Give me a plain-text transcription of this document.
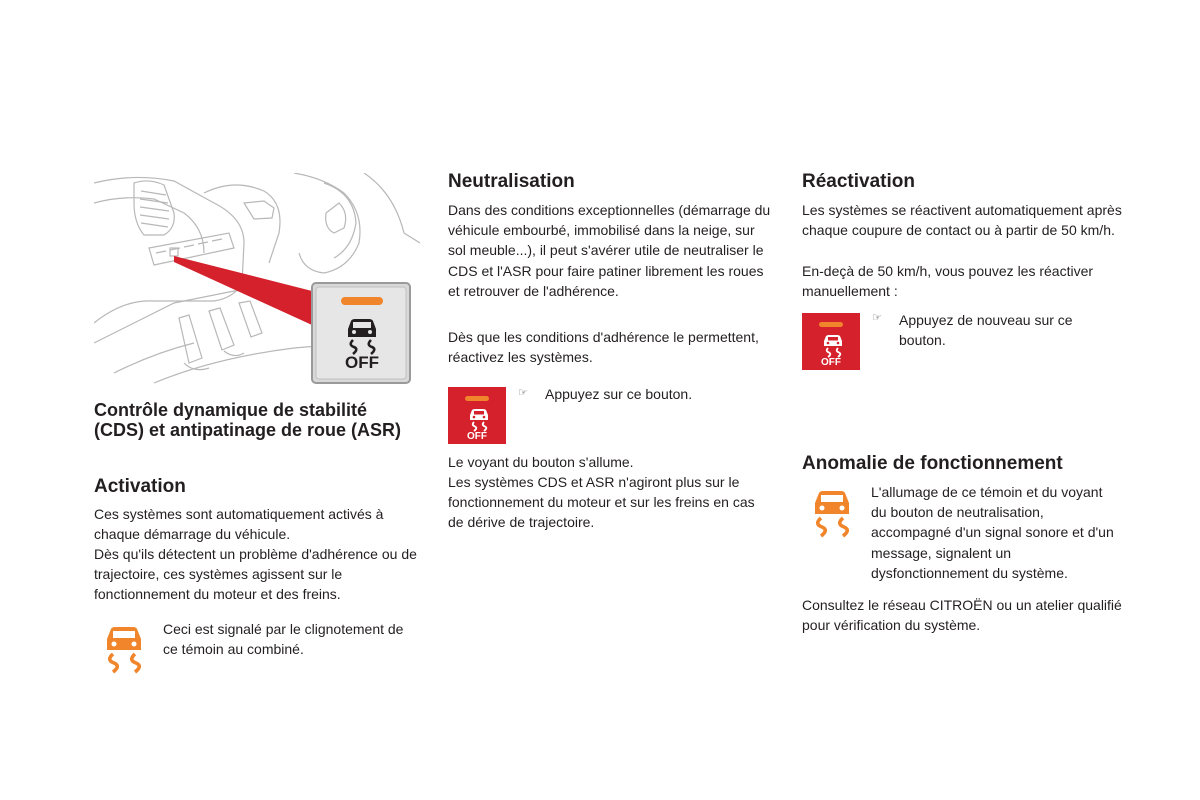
OFF
Contrôle dynamique de stabilité (CDS) et antipatinage de roue (ASR)
Activation

Ces systèmes sont automatiquement activés à chaque démarrage du véhicule.

Dès qu'ils détectent un problème d'adhérence ou de trajectoire, ces systèmes agissent sur le fonctionnement du moteur et des freins.

Ceci est signalé par le clignotement de ce témoin au combiné.

Neutralisation

Dans des conditions exceptionnelles (démarrage du véhicule embourbé, immobilisé dans la neige, sur sol meuble...), il peut s'avérer utile de neutraliser le CDS et l'ASR pour faire patiner librement les roues et retrouver de l'adhérence.

Dès que les conditions d'adhérence le permettent, réactivez les systèmes.

OFF
☞ Appuyez sur ce bouton.

Le voyant du bouton s'allume.

Les systèmes CDS et ASR n'agiront plus sur le fonctionnement du moteur et sur les freins en cas de dérive de trajectoire.

Réactivation

Les systèmes se réactivent automatiquement après chaque coupure de contact ou à partir de 50 km/h.

En-deçà de 50 km/h, vous pouvez les réactiver manuellement :

OFF
☞ Appuyez de nouveau sur ce bouton.

Anomalie de fonctionnement

L'allumage de ce témoin et du voyant du bouton de neutralisation, accompagné d'un signal sonore et d'un message, signalent un dysfonctionnement du système.

Consultez le réseau CITROËN ou un atelier qualifié pour vérification du système.
